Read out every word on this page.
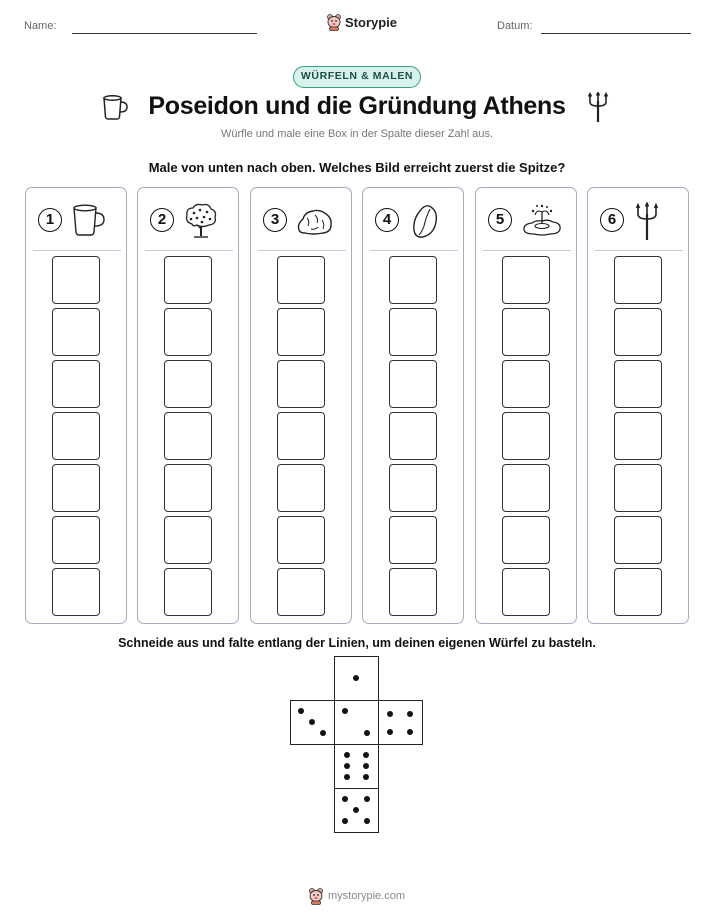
Name:	Storypie	Datum:
WÜRFELN & MALEN
Poseidon und die Gründung Athens
Würfle und male eine Box in der Spalte dieser Zahl aus.
Male von unten nach oben. Welches Bild erreicht zuerst die Spitze?
1	2	3	4	5	6
Schneide aus und falte entlang der Linien, um deinen eigenen Würfel zu basteln.
mystorypie.com
